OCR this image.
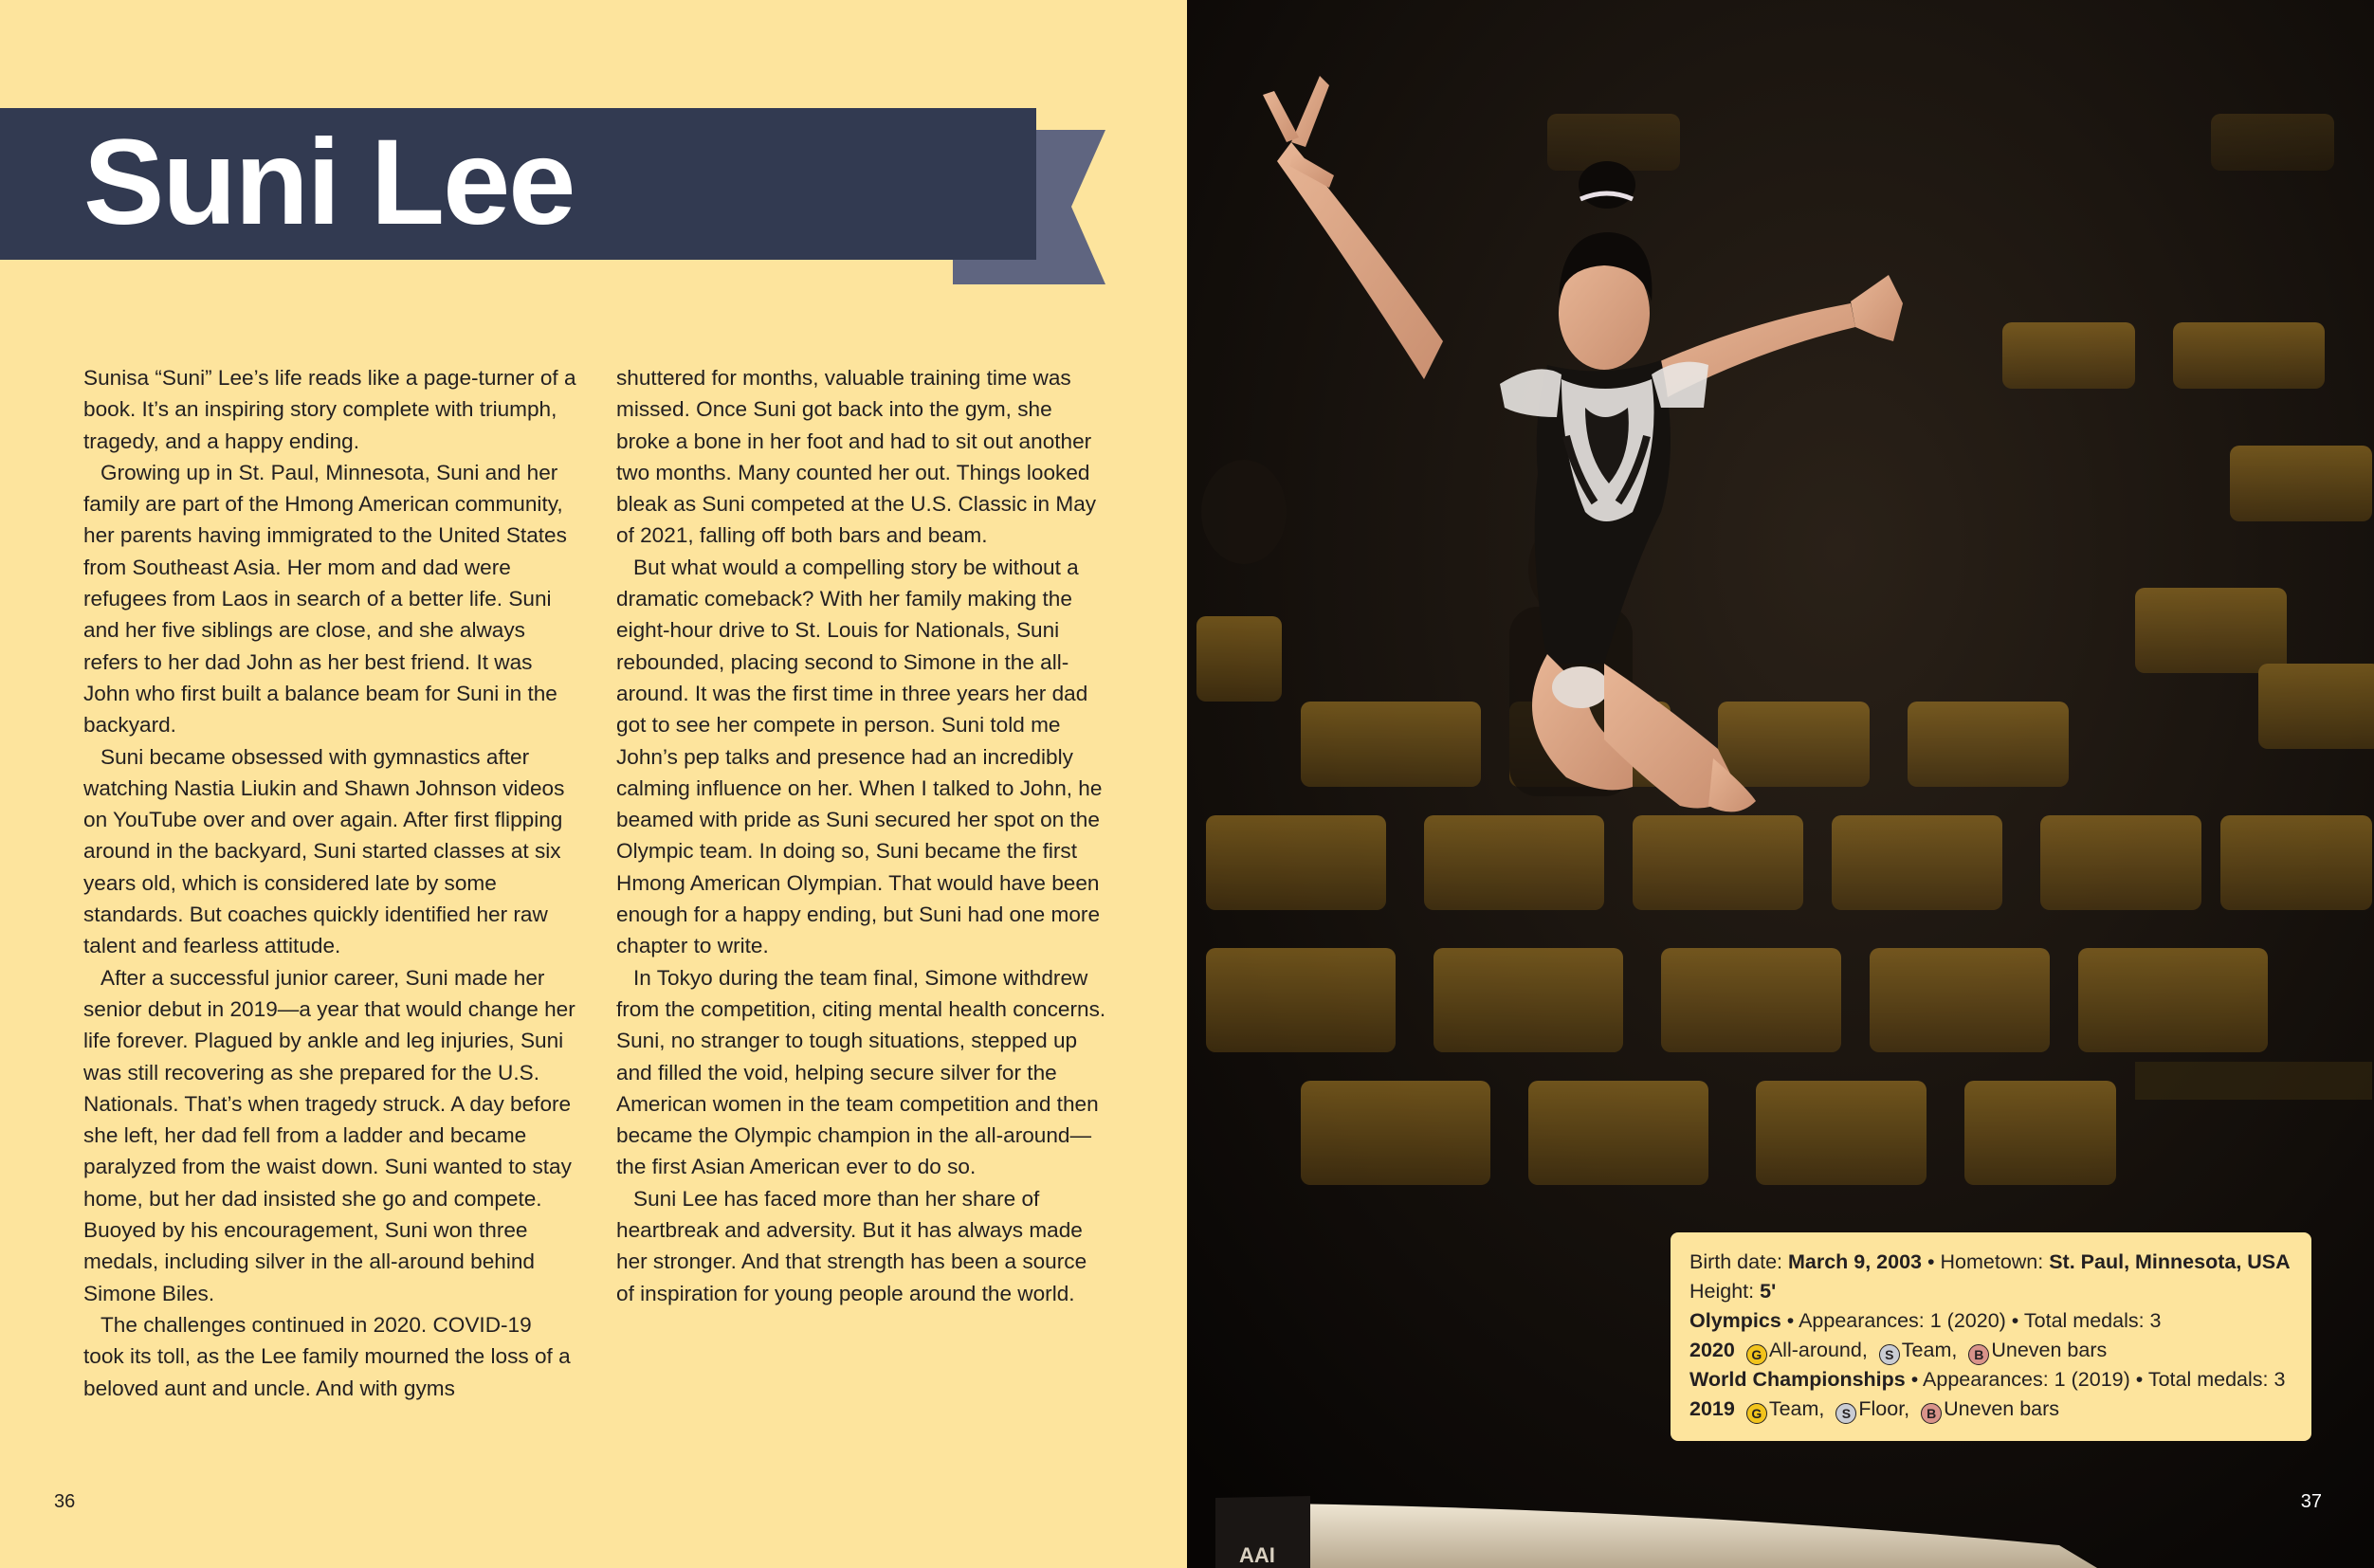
Suni Lee

Sunisa “Suni” Lee’s life reads like a page-turner of a book. It’s an inspiring story complete with triumph, tragedy, and a happy ending.

Growing up in St. Paul, Minnesota, Suni and her family are part of the Hmong American community, her parents having immigrated to the United States from Southeast Asia. Her mom and dad were refugees from Laos in search of a better life. Suni and her five siblings are close, and she always refers to her dad John as her best friend. It was John who first built a balance beam for Suni in the backyard.

Suni became obsessed with gymnastics after watching Nastia Liukin and Shawn Johnson videos on YouTube over and over again. After first flipping around in the backyard, Suni started classes at six years old, which is considered late by some standards. But coaches quickly identified her raw talent and fearless attitude.

After a successful junior career, Suni made her senior debut in 2019—a year that would change her life forever. Plagued by ankle and leg injuries, Suni was still recovering as she prepared for the U.S. Nationals. That’s when tragedy struck. A day before she left, her dad fell from a ladder and became paralyzed from the waist down. Suni wanted to stay home, but her dad insisted she go and compete. Buoyed by his encouragement, Suni won three medals, including silver in the all-around behind Simone Biles.

The challenges continued in 2020. COVID-19 took its toll, as the Lee family mourned the loss of a beloved aunt and uncle. And with gyms

shuttered for months, valuable training time was missed. Once Suni got back into the gym, she broke a bone in her foot and had to sit out another two months. Many counted her out. Things looked bleak as Suni competed at the U.S. Classic in May of 2021, falling off both bars and beam.

But what would a compelling story be without a dramatic comeback? With her family making the eight-hour drive to St. Louis for Nationals, Suni rebounded, placing second to Simone in the all-around. It was the first time in three years her dad got to see her compete in person. Suni told me John’s pep talks and presence had an incredibly calming influence on her. When I talked to John, he beamed with pride as Suni secured her spot on the Olympic team. In doing so, Suni became the first Hmong American Olympian. That would have been enough for a happy ending, but Suni had one more chapter to write.

In Tokyo during the team final, Simone withdrew from the competition, citing mental health concerns. Suni, no stranger to tough situations, stepped up and filled the void, helping secure silver for the American women in the team competition and then became the Olympic champion in the all-around—the first Asian American ever to do so.

Suni Lee has faced more than her share of heartbreak and adversity. But it has always made her stronger. And that strength has been a source of inspiration for young people around the world.

36
AAI
37
Birth date: March 9, 2003 • Hometown: St. Paul, Minnesota, USA
Height: 5'
Olympics • Appearances: 1 (2020) • Total medals: 3
2020 G All-around, S Team, B Uneven bars
World Championships • Appearances: 1 (2019) • Total medals: 3
2019 G Team, S Floor, B Uneven bars
